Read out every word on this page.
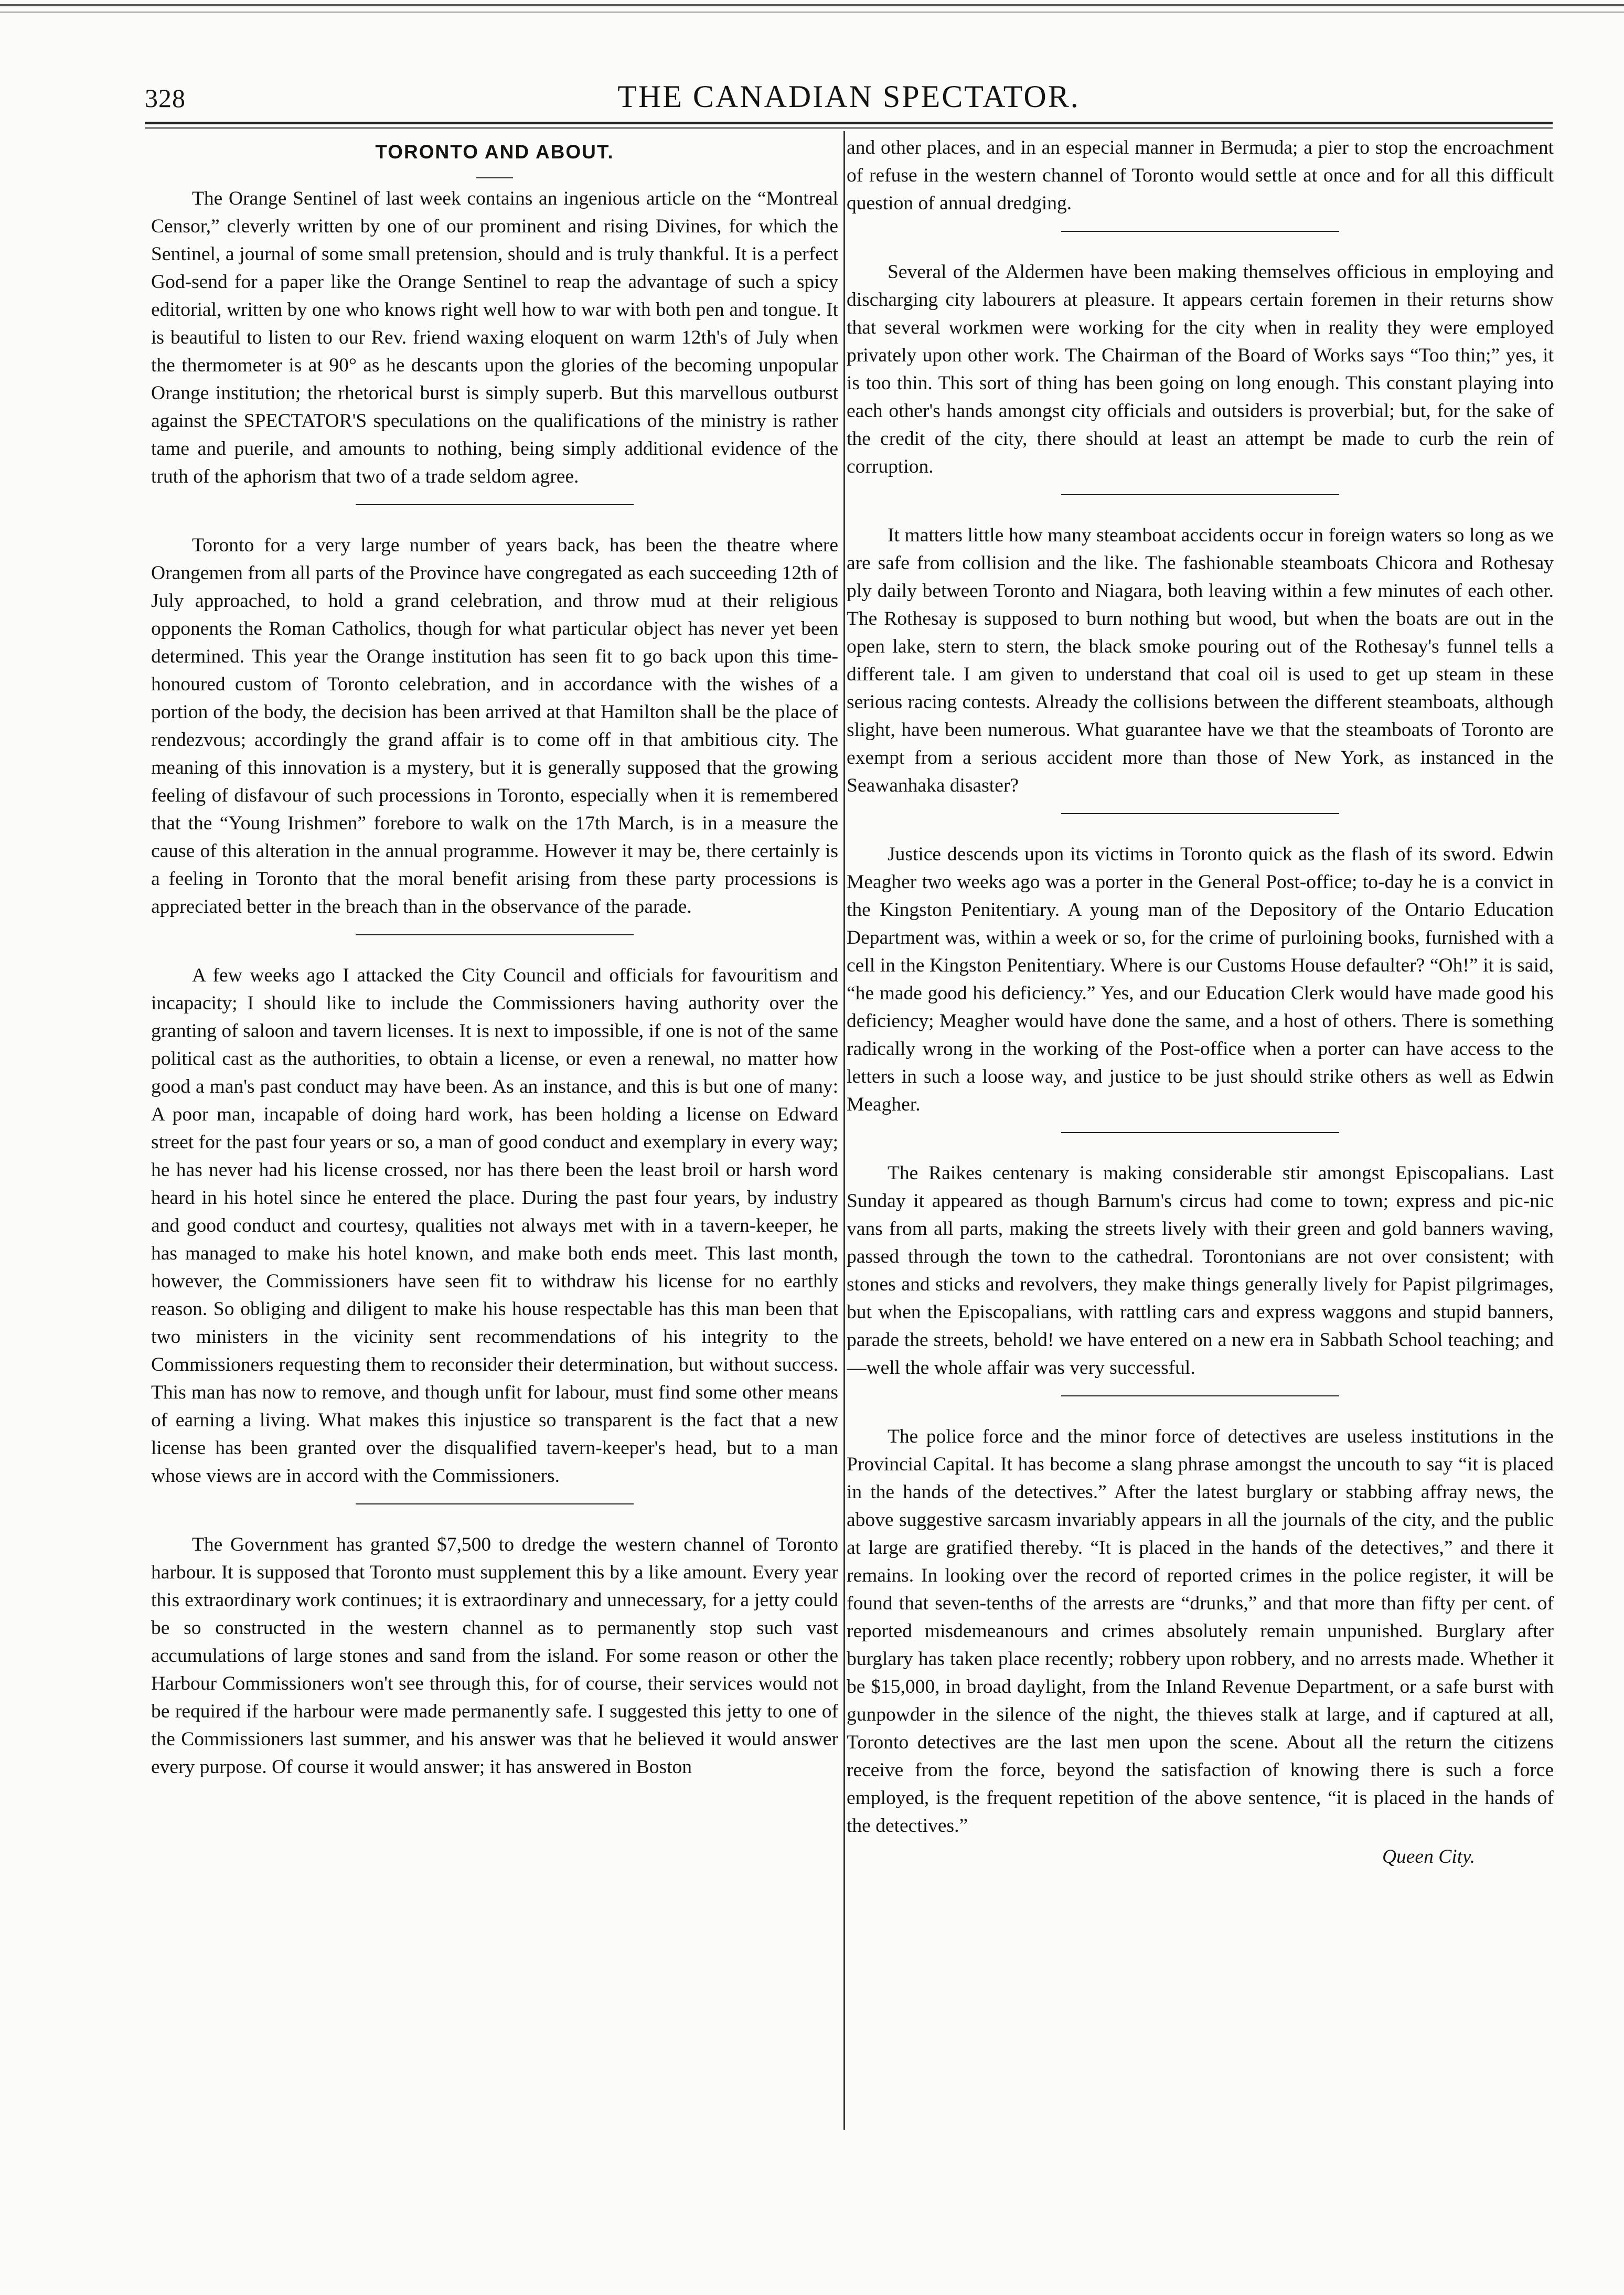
328	THE CANADIAN SPECTATOR.
TORONTO AND ABOUT.

The Orange Sentinel of last week contains an ingenious article on the “Montreal Censor,” cleverly written by one of our prominent and rising Divines, for which the Sentinel, a journal of some small pretension, should and is truly thankful. It is a perfect God-send for a paper like the Orange Sentinel to reap the advantage of such a spicy editorial, written by one who knows right well how to war with both pen and tongue. It is beautiful to listen to our Rev. friend waxing eloquent on warm 12th's of July when the thermometer is at 90° as he descants upon the glories of the becoming unpopular Orange institution; the rhetorical burst is simply superb. But this marvellous outburst against the SPECTATOR'S speculations on the qualifications of the ministry is rather tame and puerile, and amounts to nothing, being simply additional evidence of the truth of the aphorism that two of a trade seldom agree.

Toronto for a very large number of years back, has been the theatre where Orangemen from all parts of the Province have congregated as each succeeding 12th of July approached, to hold a grand celebration, and throw mud at their religious opponents the Roman Catholics, though for what particular object has never yet been determined. This year the Orange institution has seen fit to go back upon this time-honoured custom of Toronto celebration, and in accordance with the wishes of a portion of the body, the decision has been arrived at that Hamilton shall be the place of rendezvous; accordingly the grand affair is to come off in that ambitious city. The meaning of this innovation is a mystery, but it is generally supposed that the growing feeling of disfavour of such processions in Toronto, especially when it is remembered that the “Young Irishmen” forebore to walk on the 17th March, is in a measure the cause of this alteration in the annual programme. However it may be, there certainly is a feeling in Toronto that the moral benefit arising from these party processions is appreciated better in the breach than in the observance of the parade.

A few weeks ago I attacked the City Council and officials for favouritism and incapacity; I should like to include the Commissioners having authority over the granting of saloon and tavern licenses. It is next to impossible, if one is not of the same political cast as the authorities, to obtain a license, or even a renewal, no matter how good a man's past conduct may have been. As an instance, and this is but one of many: A poor man, incapable of doing hard work, has been holding a license on Edward street for the past four years or so, a man of good conduct and exemplary in every way; he has never had his license crossed, nor has there been the least broil or harsh word heard in his hotel since he entered the place. During the past four years, by industry and good conduct and courtesy, qualities not always met with in a tavern-keeper, he has managed to make his hotel known, and make both ends meet. This last month, however, the Commissioners have seen fit to withdraw his license for no earthly reason. So obliging and diligent to make his house respectable has this man been that two ministers in the vicinity sent recommendations of his integrity to the Commissioners requesting them to reconsider their determination, but without success. This man has now to remove, and though unfit for labour, must find some other means of earning a living. What makes this injustice so transparent is the fact that a new license has been granted over the disqualified tavern-keeper's head, but to a man whose views are in accord with the Commissioners.

The Government has granted $7,500 to dredge the western channel of Toronto harbour. It is supposed that Toronto must supplement this by a like amount. Every year this extraordinary work continues; it is extraordinary and unnecessary, for a jetty could be so constructed in the western channel as to permanently stop such vast accumulations of large stones and sand from the island. For some reason or other the Harbour Commissioners won't see through this, for of course, their services would not be required if the harbour were made permanently safe. I suggested this jetty to one of the Commissioners last summer, and his answer was that he believed it would answer every purpose. Of course it would answer; it has answered in Boston

and other places, and in an especial manner in Bermuda; a pier to stop the encroachment of refuse in the western channel of Toronto would settle at once and for all this difficult question of annual dredging.

Several of the Aldermen have been making themselves officious in employing and discharging city labourers at pleasure. It appears certain foremen in their returns show that several workmen were working for the city when in reality they were employed privately upon other work. The Chairman of the Board of Works says “Too thin;” yes, it is too thin. This sort of thing has been going on long enough. This constant playing into each other's hands amongst city officials and outsiders is proverbial; but, for the sake of the credit of the city, there should at least an attempt be made to curb the rein of corruption.

It matters little how many steamboat accidents occur in foreign waters so long as we are safe from collision and the like. The fashionable steamboats Chicora and Rothesay ply daily between Toronto and Niagara, both leaving within a few minutes of each other. The Rothesay is supposed to burn nothing but wood, but when the boats are out in the open lake, stern to stern, the black smoke pouring out of the Rothesay's funnel tells a different tale. I am given to understand that coal oil is used to get up steam in these serious racing contests. Already the collisions between the different steamboats, although slight, have been numerous. What guarantee have we that the steamboats of Toronto are exempt from a serious accident more than those of New York, as instanced in the Seawanhaka disaster?

Justice descends upon its victims in Toronto quick as the flash of its sword. Edwin Meagher two weeks ago was a porter in the General Post-office; to-day he is a convict in the Kingston Penitentiary. A young man of the Depository of the Ontario Education Department was, within a week or so, for the crime of purloining books, furnished with a cell in the Kingston Penitentiary. Where is our Customs House defaulter? “Oh!” it is said, “he made good his deficiency.” Yes, and our Education Clerk would have made good his deficiency; Meagher would have done the same, and a host of others. There is something radically wrong in the working of the Post-office when a porter can have access to the letters in such a loose way, and justice to be just should strike others as well as Edwin Meagher.

The Raikes centenary is making considerable stir amongst Episcopalians. Last Sunday it appeared as though Barnum's circus had come to town; express and pic-nic vans from all parts, making the streets lively with their green and gold banners waving, passed through the town to the cathedral. Torontonians are not over consistent; with stones and sticks and revolvers, they make things generally lively for Papist pilgrimages, but when the Episcopalians, with rattling cars and express waggons and stupid banners, parade the streets, behold! we have entered on a new era in Sabbath School teaching; and—well the whole affair was very successful.

The police force and the minor force of detectives are useless institutions in the Provincial Capital. It has become a slang phrase amongst the uncouth to say “it is placed in the hands of the detectives.” After the latest burglary or stabbing affray news, the above suggestive sarcasm invariably appears in all the journals of the city, and the public at large are gratified thereby. “It is placed in the hands of the detectives,” and there it remains. In looking over the record of reported crimes in the police register, it will be found that seven-tenths of the arrests are “drunks,” and that more than fifty per cent. of reported misdemeanours and crimes absolutely remain unpunished. Burglary after burglary has taken place recently; robbery upon robbery, and no arrests made. Whether it be $15,000, in broad daylight, from the Inland Revenue Department, or a safe burst with gunpowder in the silence of the night, the thieves stalk at large, and if captured at all, Toronto detectives are the last men upon the scene. About all the return the citizens receive from the force, beyond the satisfaction of knowing there is such a force employed, is the frequent repetition of the above sentence, “it is placed in the hands of the detectives.”

Queen City.
